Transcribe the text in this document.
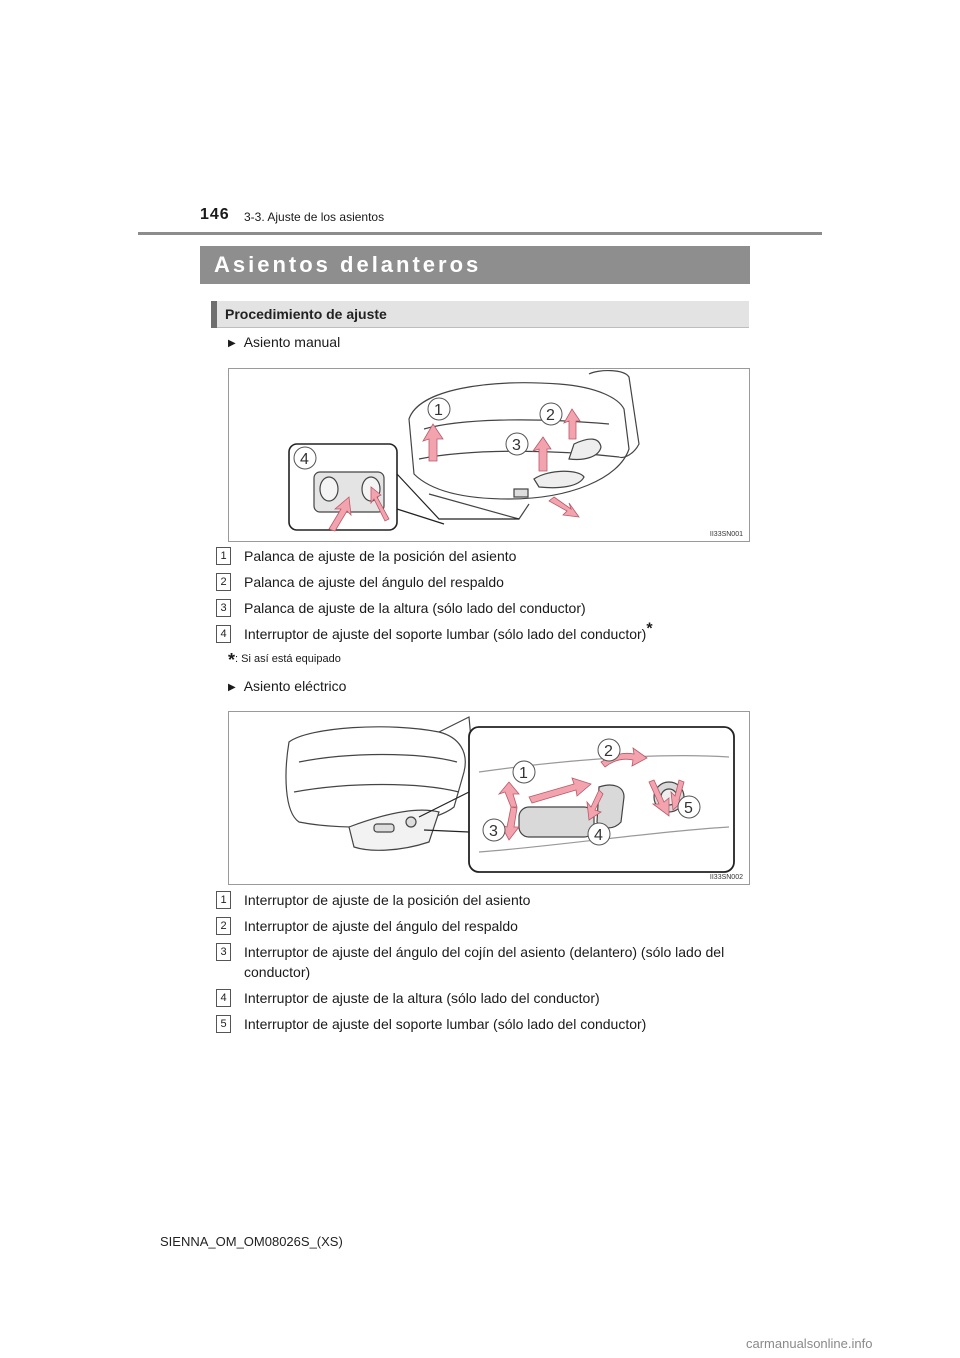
146 3-3. Ajuste de los asientos
Asientos delanteros
Procedimiento de ajuste
▶ Asiento manual
1	2
3
4
II33SN001
1	Palanca de ajuste de la posición del asiento
2	Palanca de ajuste del ángulo del respaldo
3	Palanca de ajuste de la altura (sólo lado del conductor)
4	Interruptor de ajuste del soporte lumbar (sólo lado del conductor)*
*: Si así está equipado
▶ Asiento eléctrico
1
2
3	4
5
II33SN002
1	Interruptor de ajuste de la posición del asiento
2	Interruptor de ajuste del ángulo del respaldo
3	Interruptor de ajuste del ángulo del cojín del asiento (delantero) (sólo lado del conductor)
4	Interruptor de ajuste de la altura (sólo lado del conductor)
5	Interruptor de ajuste del soporte lumbar (sólo lado del conductor)
SIENNA_OM_OM08026S_(XS)
carmanualsonline.info
